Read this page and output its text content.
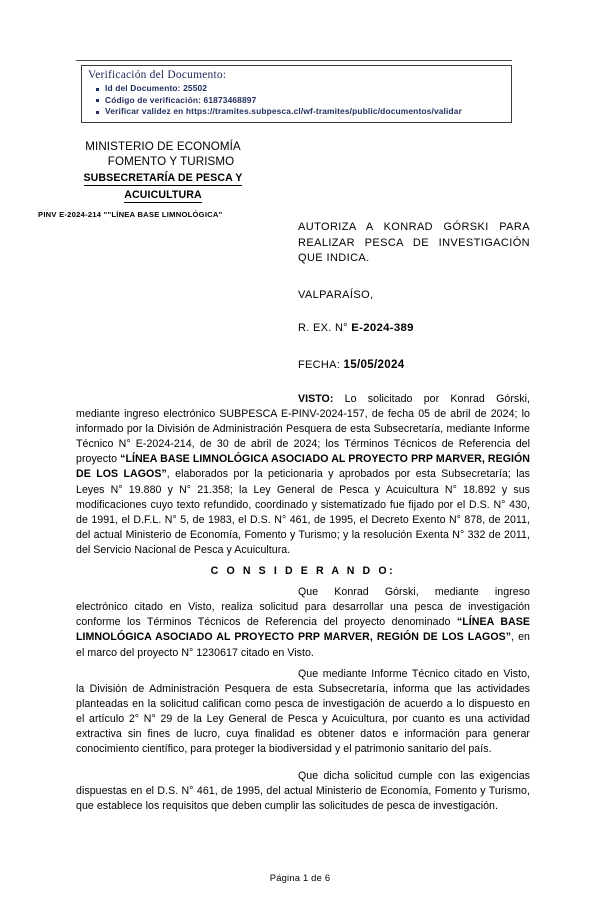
Verificación del Documento:
Id del Documento: 25502
Código de verificación: 61873468897
Verificar validez en https://tramites.subpesca.cl/wf-tramites/public/documentos/validar
MINISTERIO DE ECONOMÍA
FOMENTO Y TURISMO
SUBSECRETARÍA DE PESCA Y
ACUICULTURA
PINV E-2024-214 ""LÍNEA BASE LIMNOLÓGICA"
AUTORIZA A KONRAD GÓRSKI PARA
REALIZAR PESCA DE INVESTIGACIÓN
QUE INDICA.
VALPARAÍSO,
R. EX. N° E-2024-389
FECHA: 15/05/2024

VISTO: Lo solicitado por Konrad Górski, mediante ingreso electrónico SUBPESCA E-PINV-2024-157, de fecha 05 de abril de 2024; lo informado por la División de Administración Pesquera de esta Subsecretaría, mediante Informe Técnico N° E-2024-214, de 30 de abril de 2024; los Términos Técnicos de Referencia del proyecto “LÍNEA BASE LIMNOLÓGICA ASOCIADO AL PROYECTO PRP MARVER, REGIÓN DE LOS LAGOS”, elaborados por la peticionaria y aprobados por esta Subsecretaría; las Leyes N° 19.880 y N° 21.358; la Ley General de Pesca y Acuicultura N° 18.892 y sus modificaciones cuyo texto refundido, coordinado y sistematizado fue fijado por el D.S. N° 430, de 1991, el D.F.L. N° 5, de 1983, el D.S. N° 461, de 1995, el Decreto Exento N° 878, de 2011, del actual Ministerio de Economía, Fomento y Turismo; y la resolución Exenta N° 332 de 2011, del Servicio Nacional de Pesca y Acuicultura.

C O N S I D E R A N D O:

Que Konrad Górski, mediante ingreso electrónico citado en Visto, realiza solicitud para desarrollar una pesca de investigación conforme los Términos Técnicos de Referencia del proyecto denominado “LÍNEA BASE LIMNOLÓGICA ASOCIADO AL PROYECTO PRP MARVER, REGIÓN DE LOS LAGOS”, en el marco del proyecto N° 1230617 citado en Visto.

Que mediante Informe Técnico citado en Visto, la División de Administración Pesquera de esta Subsecretaría, informa que las actividades planteadas en la solicitud califican como pesca de investigación de acuerdo a lo dispuesto en el artículo 2° N° 29 de la Ley General de Pesca y Acuicultura, por cuanto es una actividad extractiva sin fines de lucro, cuya finalidad es obtener datos e información para generar conocimiento científico, para proteger la biodiversidad y el patrimonio sanitario del país.

Que dicha solicitud cumple con las exigencias dispuestas en el D.S. N° 461, de 1995, del actual Ministerio de Economía, Fomento y Turismo, que establece los requisitos que deben cumplir las solicitudes de pesca de investigación.

Página 1 de 6
